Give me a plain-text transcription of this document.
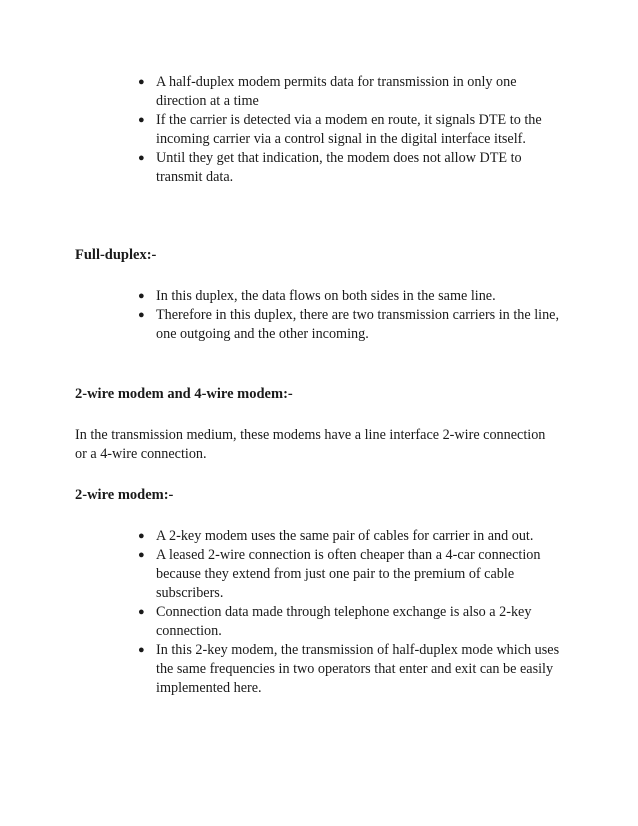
● A half-duplex modem permits data for transmission in only one direction at a time
● If the carrier is detected via a modem en route, it signals DTE to the incoming carrier via a control signal in the digital interface itself.
● Until they get that indication, the modem does not allow DTE to transmit data.
Full-duplex:-
● In this duplex, the data flows on both sides in the same line.
● Therefore in this duplex, there are two transmission carriers in the line, one outgoing and the other incoming.
2-wire modem and 4-wire modem:-
In the transmission medium, these modems have a line interface 2-wire connection or a 4-wire connection.
2-wire modem:-
● A 2-key modem uses the same pair of cables for carrier in and out.
● A leased 2-wire connection is often cheaper than a 4-car connection because they extend from just one pair to the premium of cable subscribers.
● Connection data made through telephone exchange is also a 2-key connection.
● In this 2-key modem, the transmission of half-duplex mode which uses the same frequencies in two operators that enter and exit can be easily implemented here.
